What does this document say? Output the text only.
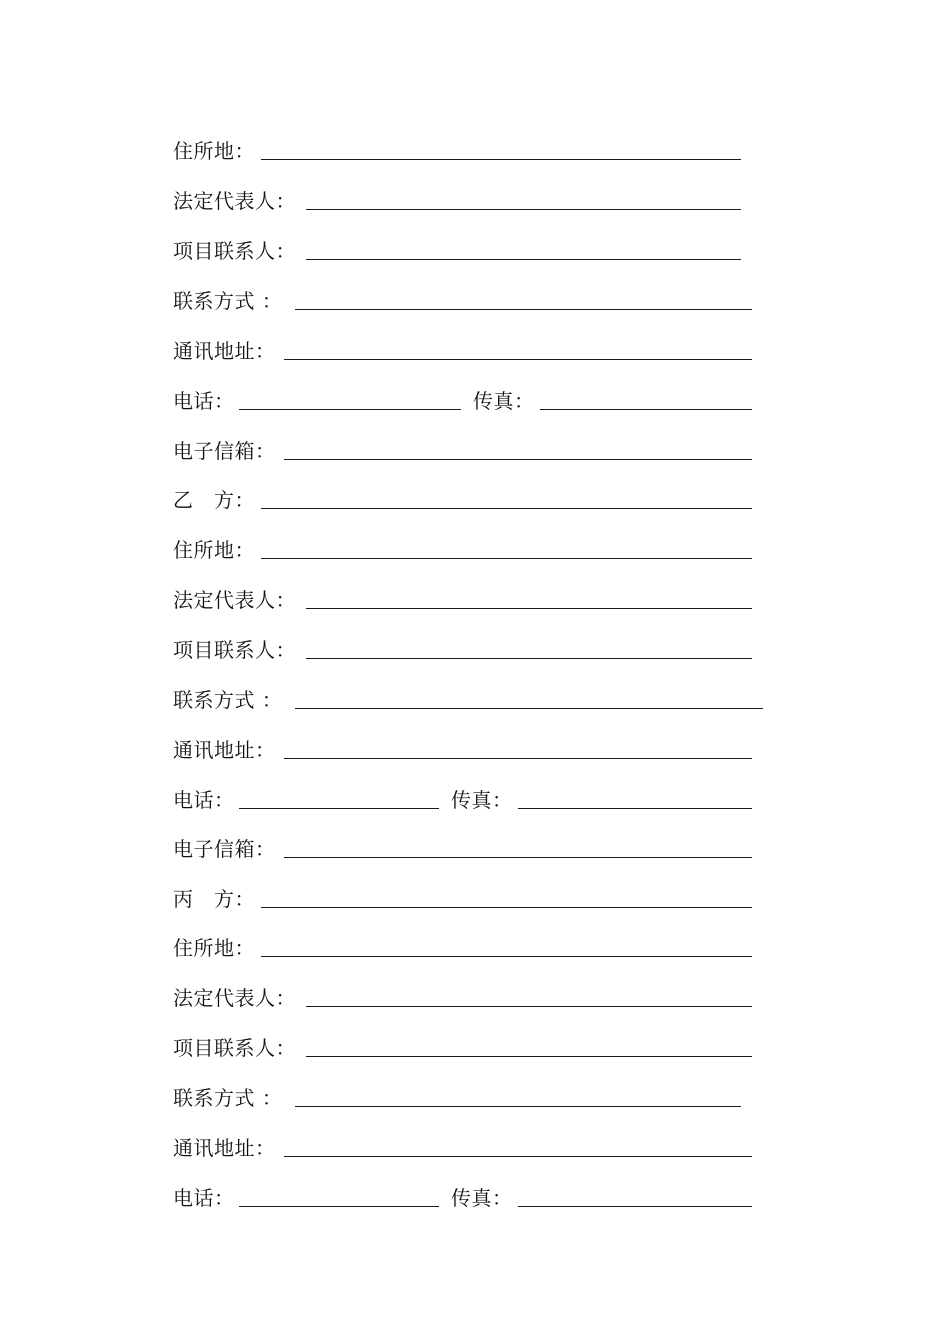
住所地：
法定代表人：
项目联系人：
联系方式 ：
通讯地址：
电话：	传真：
电子信箱：
乙　方：
住所地：
法定代表人：
项目联系人：
联系方式 ：
通讯地址：
电话：	传真：
电子信箱：
丙　方：
住所地：
法定代表人：
项目联系人：
联系方式 ：
通讯地址：
电话：	传真：
